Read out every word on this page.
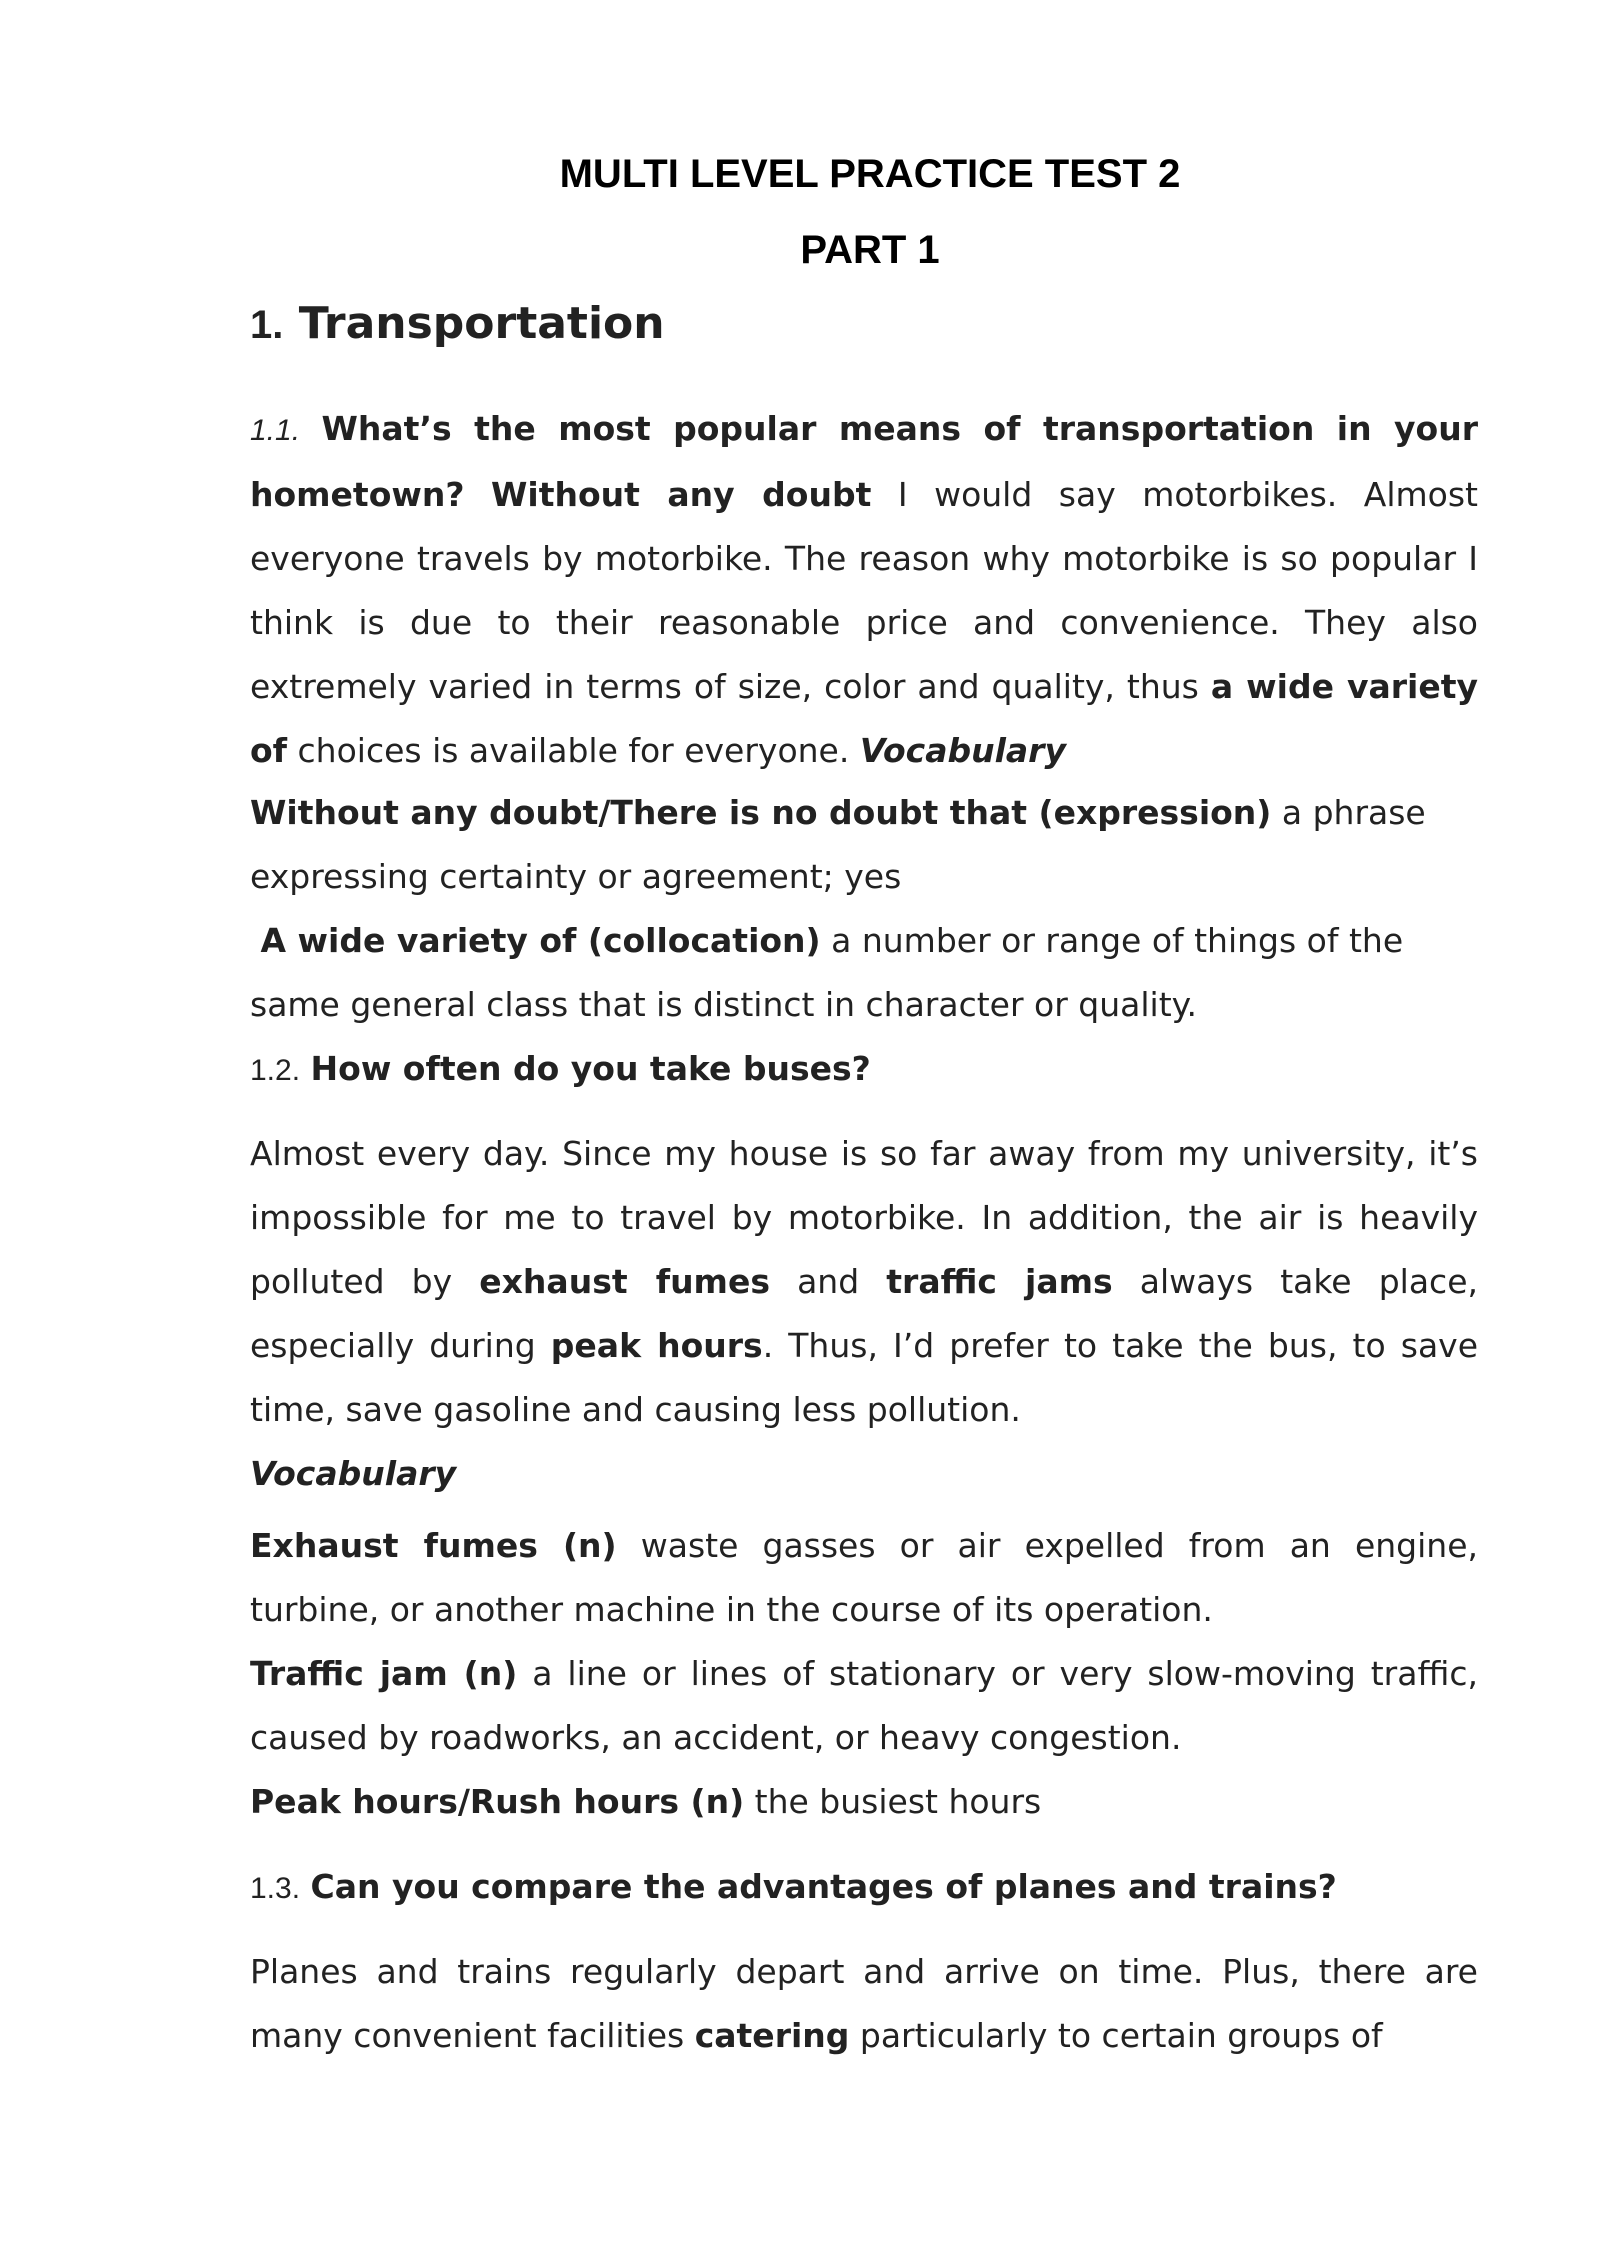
MULTI LEVEL PRACTICE TEST 2
PART 1
1. Transportation

1.1. What’s the most popular means of transportation in your hometown? Without any doubt I would say motorbikes. Almost everyone travels by motorbike. The reason why motorbike is so popular I think is due to their reasonable price and convenience. They also extremely varied in terms of size, color and quality, thus a wide variety of choices is available for everyone. Vocabulary

Without any doubt/There is no doubt that (expression) a phrase expressing certainty or agreement; yes

A wide variety of (collocation) a number or range of things of the same general class that is distinct in character or quality.

1.2. How often do you take buses?

Almost every day. Since my house is so far away from my university, it’s impossible for me to travel by motorbike. In addition, the air is heavily polluted by exhaust fumes and traffic jams always take place, especially during peak hours. Thus, I’d prefer to take the bus, to save time, save gasoline and causing less pollution.

Vocabulary

Exhaust fumes (n) waste gasses or air expelled from an engine, turbine, or another machine in the course of its operation.

Traffic jam (n) a line or lines of stationary or very slow-moving traffic, caused by roadworks, an accident, or heavy congestion.

Peak hours/Rush hours (n) the busiest hours

1.3. Can you compare the advantages of planes and trains?

Planes and trains regularly depart and arrive on time. Plus, there are many convenient facilities catering particularly to certain groups of
